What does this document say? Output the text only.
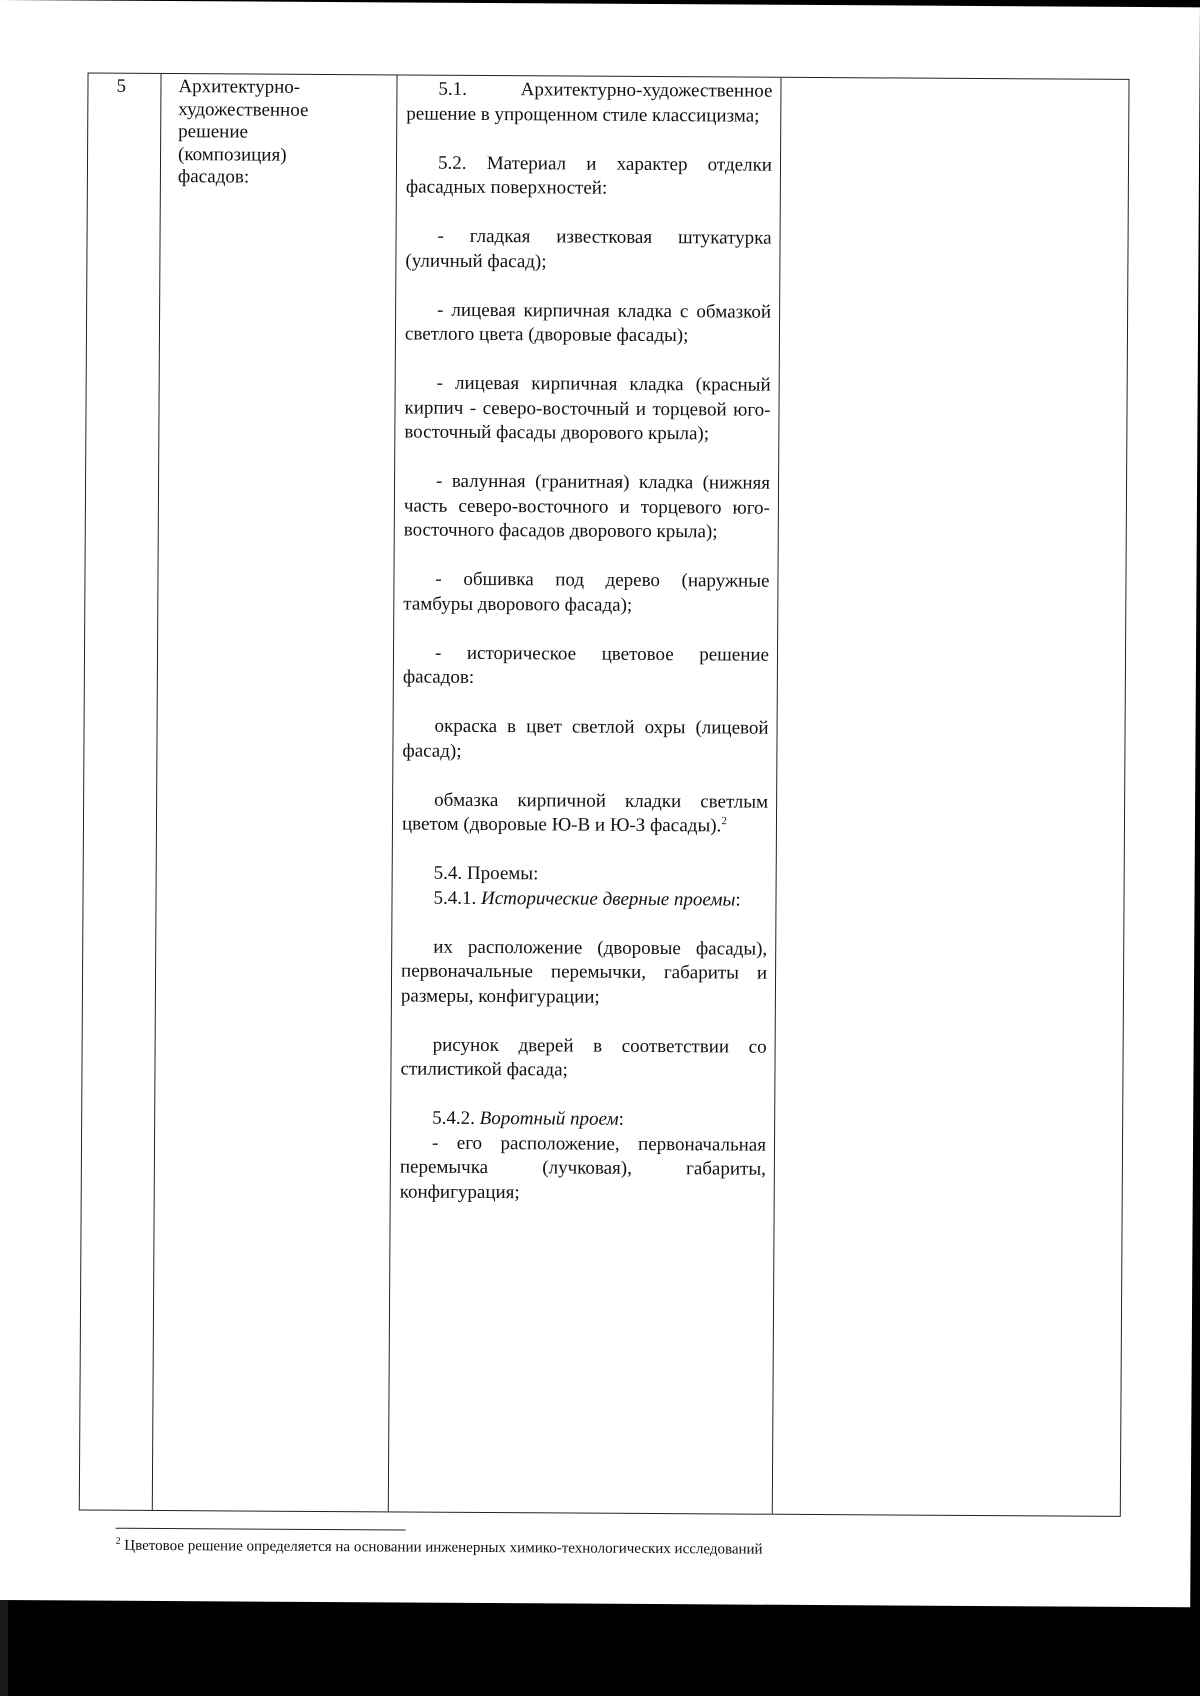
5	Архитектурно-
художественное
решение
(композиция)
фасадов:

5.1. Архитектурно-художественное решение в упрощенном стиле классицизма;

5.2. Материал и характер отделки фасадных поверхностей:

- гладкая известковая штукатурка (уличный фасад);

- лицевая кирпичная кладка с обмазкой светлого цвета (дворовые фасады);

- лицевая кирпичная кладка (красный кирпич - северо-восточный и торцевой юго-восточный фасады дворового крыла);

- валунная (гранитная) кладка (нижняя часть северо-восточного и торцевого юго-восточного фасадов дворового крыла);

- обшивка под дерево (наружные тамбуры дворового фасада);

- историческое цветовое решение фасадов:

окраска в цвет светлой охры (лицевой фасад);

обмазка кирпичной кладки светлым цветом (дворовые Ю-В и Ю-З фасады).$^2$

5.4. Проемы:

5.4.1. Исторические дверные проемы:

их расположение (дворовые фасады), первоначальные перемычки, габариты и размеры, конфигурации;

рисунок дверей в соответствии со стилистикой фасада;

5.4.2. Воротный проем:

- его расположение, первоначальная перемычка (лучковая), габариты, конфигурация;

$^2$ Цветовое решение определяется на основании инженерных химико-технологических исследований
